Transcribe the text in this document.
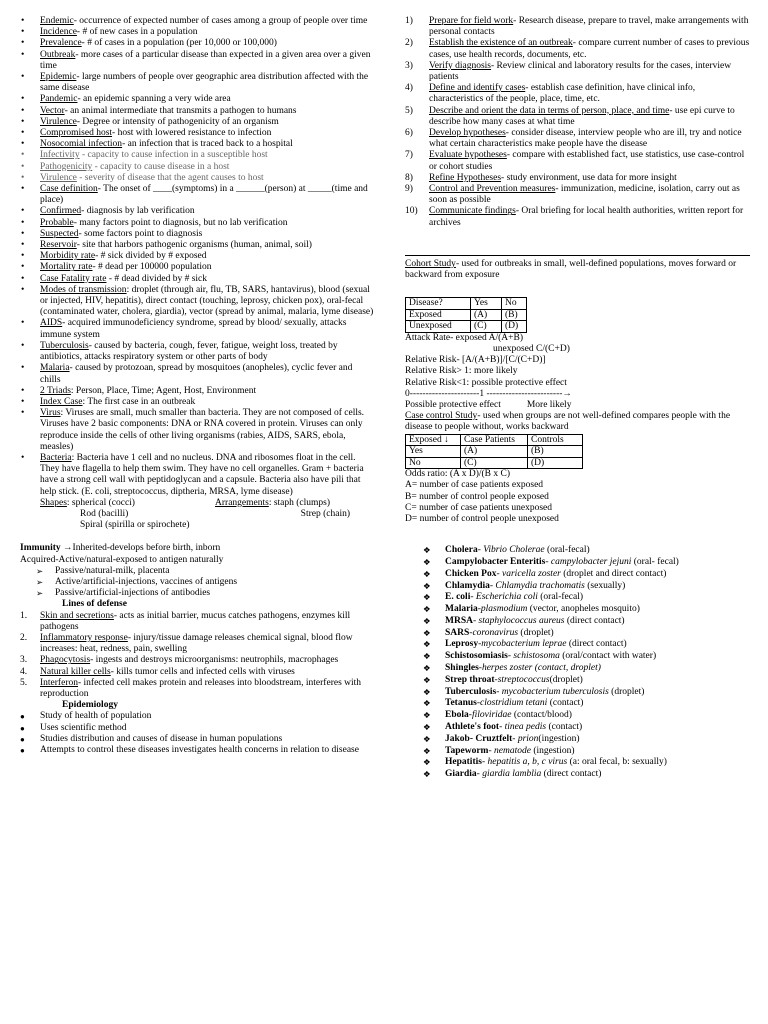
• Endemic- occurrence of expected number of cases among a group of people over time
• Incidence- # of new cases in a population
• Prevalence- # of cases in a population (per 10,000 or 100,000)
• Outbreak- more cases of a particular disease than expected in a given area over a given time
• Epidemic- large numbers of people over geographic area distribution affected with the same disease
• Pandemic- an epidemic spanning a very wide area
• Vector- an animal intermediate that transmits a pathogen to humans
• Virulence- Degree or intensity of pathogenicity of an organism
• Compromised host- host with lowered resistance to infection
• Nosocomial infection- an infection that is traced back to a hospital
• Infectivity - capacity to cause infection in a susceptible host
• Pathogenicity - capacity to cause disease in a host
• Virulence - severity of disease that the agent causes to host
• Case definition- The onset of ____(symptoms) in a ______(person) at _____(time and place)
• Confirmed- diagnosis by lab verification
• Probable- many factors point to diagnosis, but no lab verification
• Suspected- some factors point to diagnosis
• Reservoir- site that harbors pathogenic organisms (human, animal, soil)
• Morbidity rate- # sick divided by # exposed
• Mortality rate- # dead per 100000 population
• Case Fatality rate - # dead divided by # sick
• Modes of transmission: droplet (through air, flu, TB, SARS, hantavirus), blood (sexual or injected, HIV, hepatitis), direct contact (touching, leprosy, chicken pox), oral-fecal (contaminated water, cholera, giardia), vector (spread by animal, malaria, lyme disease)
• AIDS- acquired immunodeficiency syndrome, spread by blood/ sexually, attacks immune system
• Tuberculosis- caused by bacteria, cough, fever, fatigue, weight loss, treated by antibiotics, attacks respiratory system or other parts of body
• Malaria- caused by protozoan, spread by mosquitoes (anopheles), cyclic fever and chills
• 2 Triads: Person, Place, Time; Agent, Host, Environment
• Index Case: The first case in an outbreak
• Virus: Viruses are small, much smaller than bacteria. They are not composed of cells. Viruses have 2 basic components: DNA or RNA covered in protein. Viruses can only reproduce inside the cells of other living organisms (rabies, AIDS, SARS, ebola, measles)
• Bacteria: Bacteria have 1 cell and no nucleus. DNA and ribosomes float in the cell. They have flagella to help them swim. They have no cell organelles. Gram + bacteria have a strong cell wall with peptidoglycan and a capsule. Bacteria also have pili that help stick. (E. coli, streptococcus, diptheria, MRSA, lyme disease)
Shapes: spherical (cocci)	Arrangements: staph (clumps)
Rod (bacilli)	Strep (chain)
Spiral (spirilla or spirochete)
Immunity →Inherited-develops before birth, inborn
Acquired-Active/natural-exposed to antigen naturally
➢ Passive/natural-milk, placenta
➢ Active/artificial-injections, vaccines of antigens
➢ Passive/artificial-injections of antibodies
Lines of defense
1. Skin and secretions- acts as initial barrier, mucus catches pathogens, enzymes kill pathogens
2. Inflammatory response- injury/tissue damage releases chemical signal, blood flow increases: heat, redness, pain, swelling
3. Phagocytosis- ingests and destroys microorganisms: neutrophils, macrophages
4. Natural killer cells- kills tumor cells and infected cells with viruses
5. Interferon- infected cell makes protein and releases into bloodstream, interferes with reproduction
Epidemiology
● Study of health of population
● Uses scientific method
● Studies distribution and causes of disease in human populations
● Attempts to control these diseases investigates health concerns in relation to disease
1) Prepare for field work- Research disease, prepare to travel, make arrangements with personal contacts
2) Establish the existence of an outbreak- compare current number of cases to previous cases, use health records, documents, etc.
3) Verify diagnosis- Review clinical and laboratory results for the cases, interview patients
4) Define and identify cases- establish case definition, have clinical info, characteristics of the people, place, time, etc.
5) Describe and orient the data in terms of person, place, and time- use epi curve to describe how many cases at what time
6) Develop hypotheses- consider disease, interview people who are ill, try and notice what certain characteristics make people have the disease
7) Evaluate hypotheses- compare with established fact, use statistics, use case-control or cohort studies
8) Refine Hypotheses- study environment, use data for more insight
9) Control and Prevention measures- immunization, medicine, isolation, carry out as soon as possible
10) Communicate findings- Oral briefing for local health authorities, written report for archives
Cohort Study- used for outbreaks in small, well-defined populations, moves forward or backward from exposure
Disease?	Yes	No
Exposed	(A)	(B)
Unexposed	(C)	(D)
Attack Rate- exposed A/(A+B)
unexposed C/(C+D)
Relative Risk- [A/(A+B)]/[C/(C+D)]
Relative Risk> 1: more likely
Relative Risk<1: possible protective effect
0----------------------1 ------------------------→
Possible protective effect	More likely
Case control Study- used when groups are not well-defined compares people with the disease to people without, works backward
Exposed ↓	Case Patients	Controls
Yes	(A)	(B)
No	(C)	(D)
Odds ratio: (A x D)/(B x C)
A= number of case patients exposed
B= number of control people exposed
C= number of case patients unexposed
D= number of control people unexposed
❖ Cholera- Vibrio Cholerae (oral-fecal)
❖ Campylobacter Enteritis- campylobacter jejuni (oral- fecal)
❖ Chicken Pox- varicella zoster (droplet and direct contact)
❖ Chlamydia- Chlamydia trachomatis (sexually)
❖ E. coli- Escherichia coli (oral-fecal)
❖ Malaria-plasmodium (vector, anopheles mosquito)
❖ MRSA- staphylococcus aureus (direct contact)
❖ SARS-coronavirus (droplet)
❖ Leprosy-mycobacterium leprae (direct contact)
❖ Schistosomiasis- schistosoma (oral/contact with water)
❖ Shingles-herpes zoster (contact, droplet)
❖ Strep throat-streptococcus(droplet)
❖ Tuberculosis- mycobacterium tuberculosis (droplet)
❖ Tetanus-clostridium tetani (contact)
❖ Ebola-filoviridae (contact/blood)
❖ Athlete's foot- tinea pedis (contact)
❖ Jakob- Cruztfelt- prion(ingestion)
❖ Tapeworm- nematode (ingestion)
❖ Hepatitis- hepatitis a, b, c virus (a: oral fecal, b: sexually)
❖ Giardia- giardia lamblia (direct contact)
